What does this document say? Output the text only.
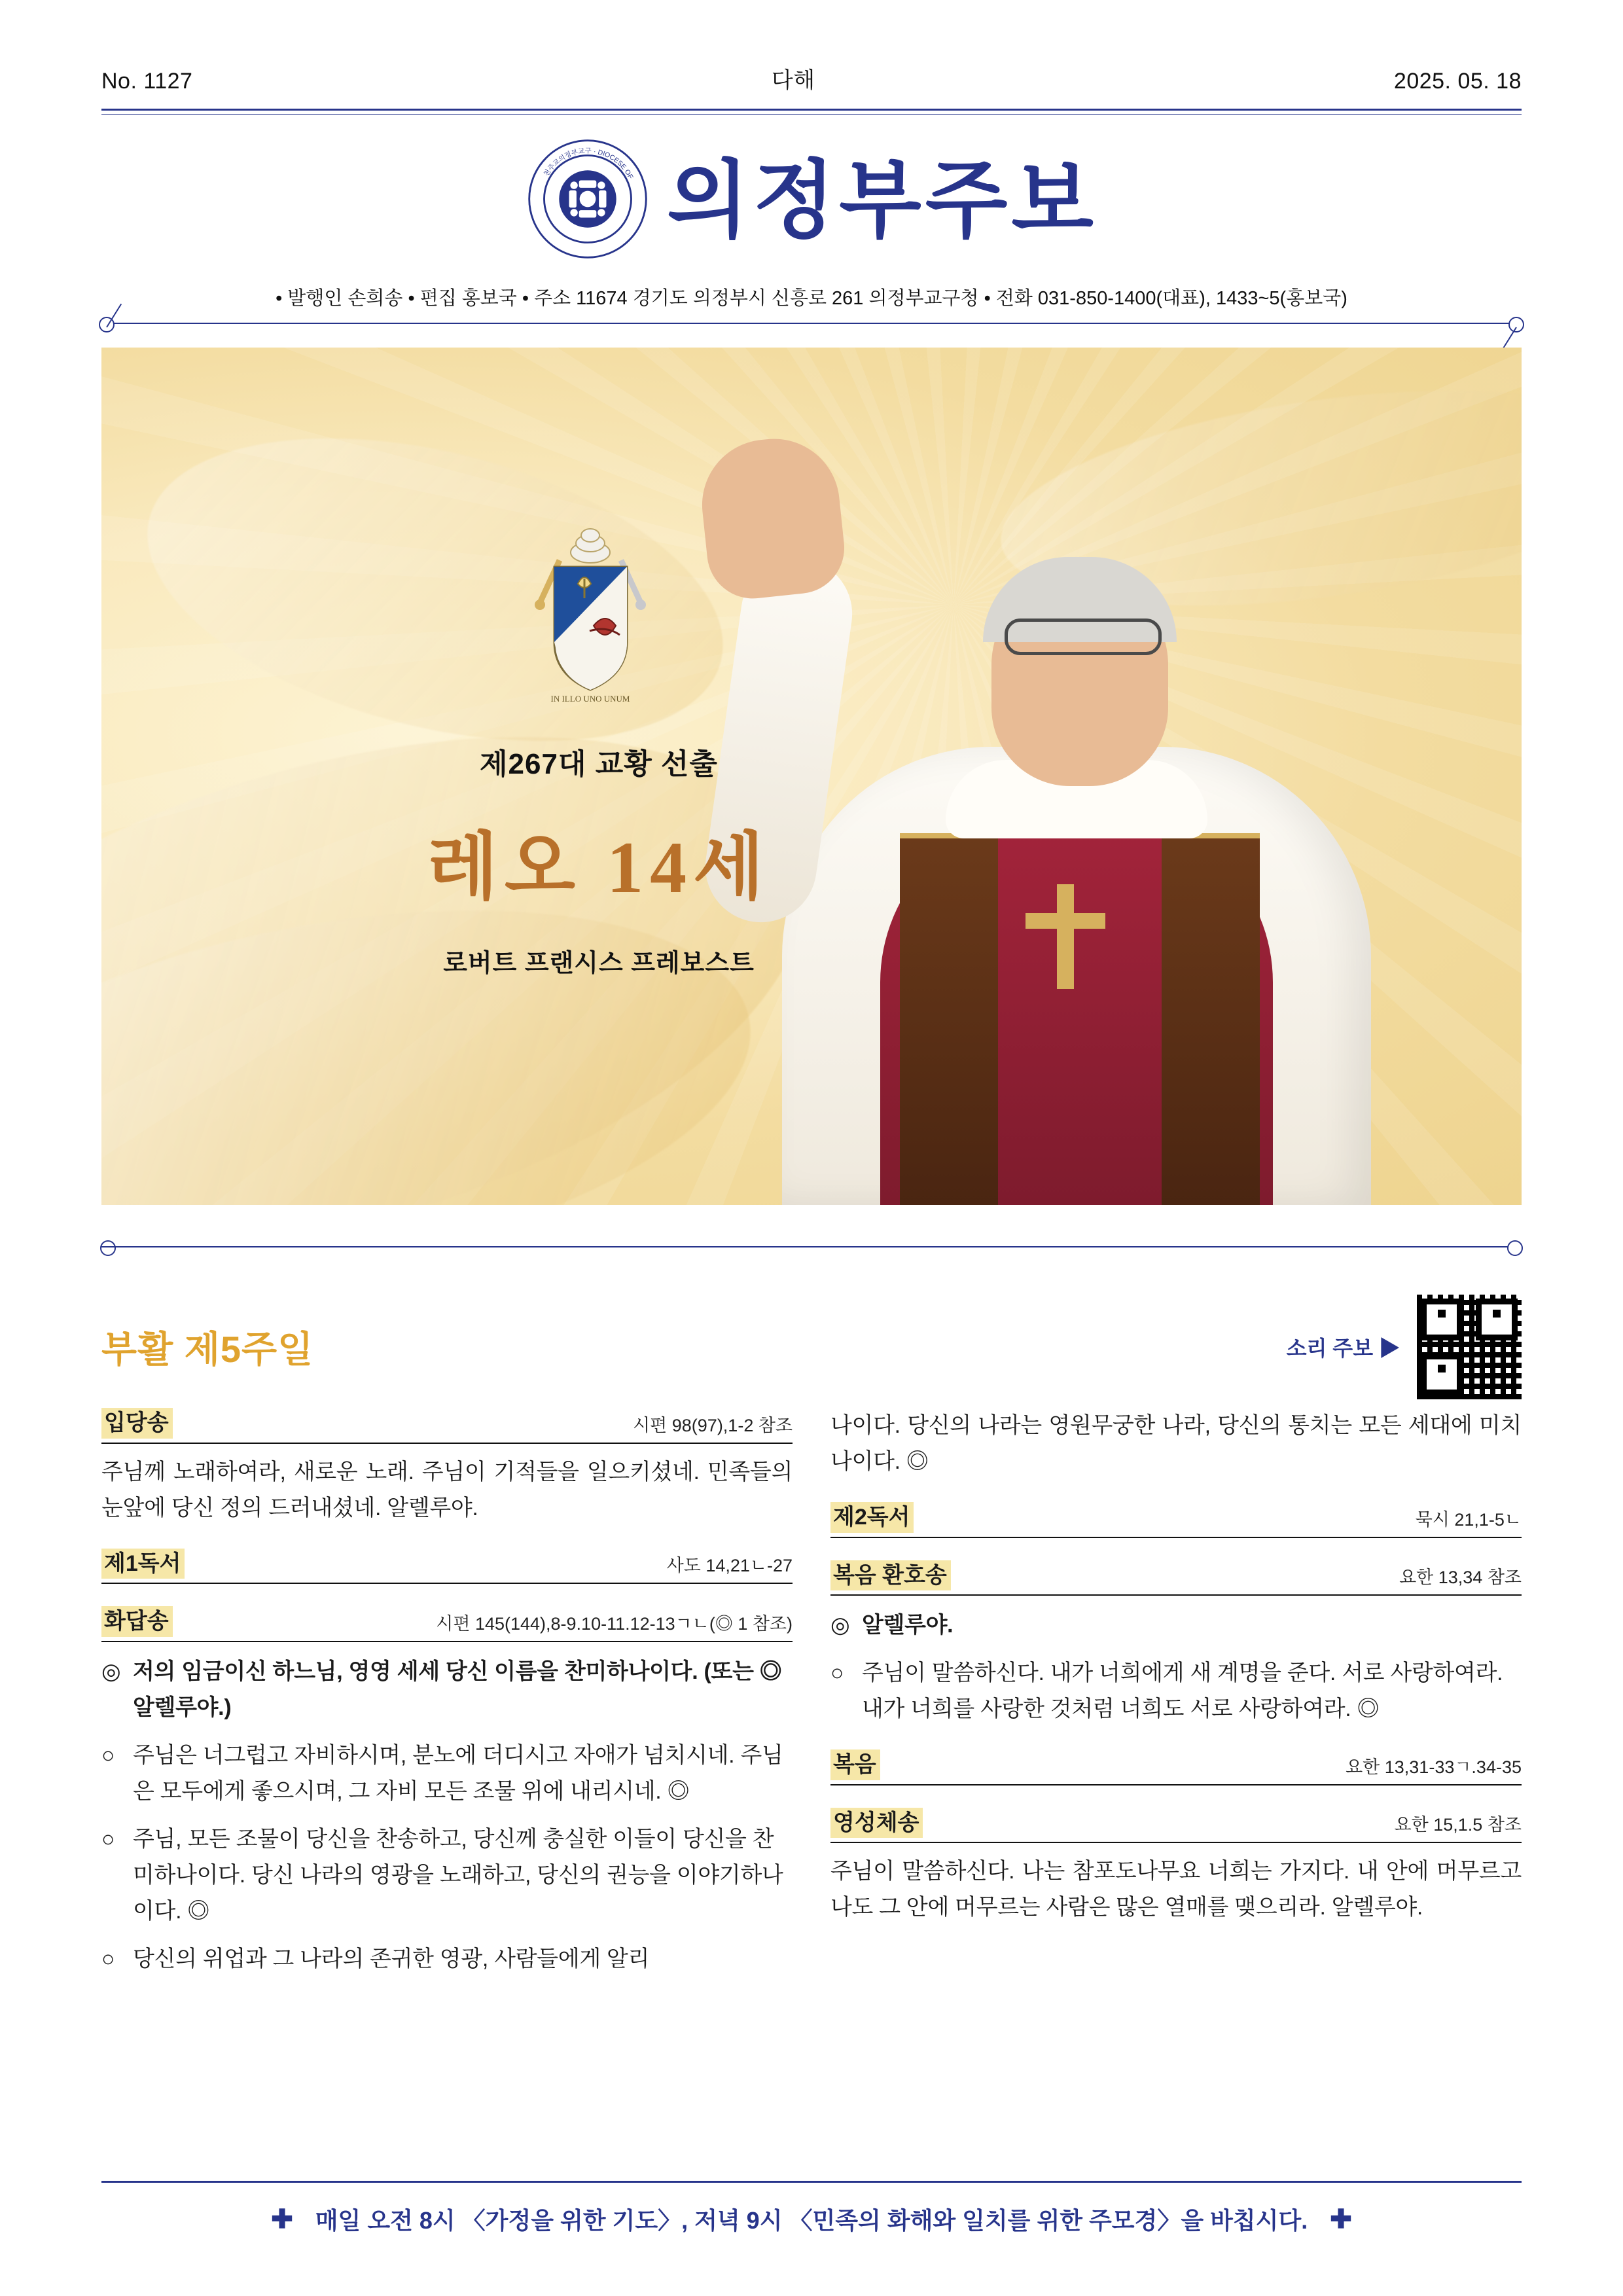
No. 1127	다해	2025. 05. 18
천주교의정부교구 · DIOCESE OF 의정부주보
• 발행인 손희송 • 편집 홍보국 • 주소 11674 경기도 의정부시 신흥로 261 의정부교구청 • 전화 031-850-1400(대표), 1433~5(홍보국)
IN ILLO UNO UNUM
제267대 교황 선출
레오 14세
로버트 프랜시스 프레보스트
부활 제5주일	소리 주보 ▶
입당송	시편 98(97),1-2 참조

주님께 노래하여라, 새로운 노래. 주님이 기적들을 일으키셨네. 민족들의 눈앞에 당신 정의 드러내셨네. 알렐루야.

제1독서	사도 14,21ㄴ-27
화답송	시편 145(144),8-9.10-11.12-13ㄱㄴ(◎ 1 참조)
◎ 저의 임금이신 하느님, 영영 세세 당신 이름을 찬미하나이다. (또는 ◎ 알렐루야.)
○ 주님은 너그럽고 자비하시며, 분노에 더디시고 자애가 넘치시네. 주님은 모두에게 좋으시며, 그 자비 모든 조물 위에 내리시네. ◎
○ 주님, 모든 조물이 당신을 찬송하고, 당신께 충실한 이들이 당신을 찬미하나이다. 당신 나라의 영광을 노래하고, 당신의 권능을 이야기하나이다. ◎
○ 당신의 위업과 그 나라의 존귀한 영광, 사람들에게 알리

나이다. 당신의 나라는 영원무궁한 나라, 당신의 통치는 모든 세대에 미치나이다. ◎

제2독서	묵시 21,1-5ㄴ
복음 환호송	요한 13,34 참조
◎ 알렐루야.
○ 주님이 말씀하신다. 내가 너희에게 새 계명을 준다. 서로 사랑하여라. 내가 너희를 사랑한 것처럼 너희도 서로 사랑하여라. ◎
복음	요한 13,31-33ㄱ.34-35
영성체송	요한 15,1.5 참조

주님이 말씀하신다. 나는 참포도나무요 너희는 가지다. 내 안에 머무르고 나도 그 안에 머무르는 사람은 많은 열매를 맺으리라. 알렐루야.

✚ 매일 오전 8시 〈가정을 위한 기도〉, 저녁 9시 〈민족의 화해와 일치를 위한 주모경〉을 바칩시다. ✚
